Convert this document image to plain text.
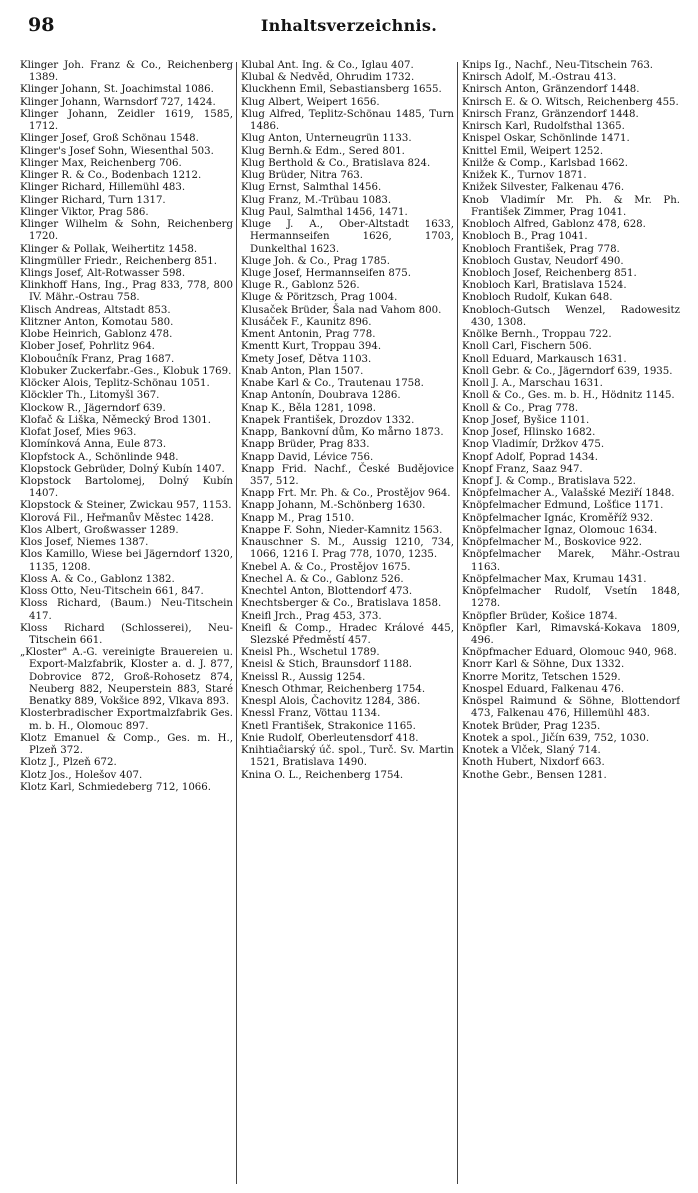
98	Inhaltsverzeichnis.

Klinger Joh. Franz & Co., Reichenberg 1389.

Klinger Johann, St. Joachimstal 1086.

Klinger Johann, Warnsdorf 727, 1424.

Klinger Johann, Zeidler 1619, 1585, 1712.

Klinger Josef, Groß Schönau 1548.

Klinger's Josef Sohn, Wiesenthal 503.

Klinger Max, Reichenberg 706.

Klinger R. & Co., Bodenbach 1212.

Klinger Richard, Hillemühl 483.

Klinger Richard, Turn 1317.

Klinger Viktor, Prag 586.

Klinger Wilhelm & Sohn, Reichenberg 1720.

Klinger & Pollak, Weihertitz 1458.

Klingmüller Friedr., Reichenberg 851.

Klings Josef, Alt-Rotwasser 598.

Klinkhoff Hans, Ing., Prag 833, 778, 800 IV. Mähr.-Ostrau 758.

Klisch Andreas, Altstadt 853.

Klitzner Anton, Komotau 580.

Klobe Heinrich, Gablonz 478.

Klober Josef, Pohrlitz 964.

Klobouĉník Franz, Prag 1687.

Klobuker Zuckerfabr.-Ges., Klobuk 1769.

Klöcker Alois, Teplitz-Schönau 1051.

Klöckler Th., Litomyšl 367.

Klockow R., Jägerndorf 639.

Klofač & Liška, Německý Brod 1301.

Klofat Josef, Mies 963.

Klomínková Anna, Eule 873.

Klopfstock A., Schönlinde 948.

Klopstock Gebrüder, Dolný Kubín 1407.

Klopstock Bartolomej, Dolný Kubín 1407.

Klopstock & Steiner, Zwickau 957, 1153.

Klorová Fil., Heřmanův Městec 1428.

Klos Albert, Großwasser 1289.

Klos Josef, Niemes 1387.

Klos Kamillo, Wiese bei Jägerndorf 1320, 1135, 1208.

Kloss A. & Co., Gablonz 1382.

Kloss Otto, Neu-Titschein 661, 847.

Kloss Richard, (Baum.) Neu-Titschein 417.

Kloss Richard (Schlosserei), Neu-Titschein 661.

„Kloster" A.-G. vereinigte Brauereien u. Export-Malzfabrik, Kloster a. d. J. 877, Dobrovice 872, Groß-Rohosetz 874, Neuberg 882, Neuperstein 883, Staré Benatky 889, Vokšice 892, Vlkava 893.

Klosterbradischer Exportmalzfabrik Ges. m. b. H., Olomouc 897.

Klotz Emanuel & Comp., Ges. m. H., Plzeň 372.

Klotz J., Plzeň 672.

Klotz Jos., Holešov 407.

Klotz Karl, Schmiedeberg 712, 1066.

Klubal Ant. Ing. & Co., Iglau 407.

Klubal & Nedvěd, Ohrudim 1732.

Kluckhenn Emil, Sebastiansberg 1655.

Klug Albert, Weipert 1656.

Klug Alfred, Teplitz-Schönau 1485, Turn 1486.

Klug Anton, Unterneugrün 1133.

Klug Bernh.& Edm., Sered 801.

Klug Berthold & Co., Bratislava 824.

Klug Brüder, Nitra 763.

Klug Ernst, Salmthal 1456.

Klug Franz, M.-Trübau 1083.

Klug Paul, Salmthal 1456, 1471.

Kluge J. A., Ober-Altstadt 1633, Hermannseifen 1626, 1703, Dunkelthal 1623.

Kluge Joh. & Co., Prag 1785.

Kluge Josef, Hermannseifen 875.

Kluge R., Gablonz 526.

Kluge & Pöritzsch, Prag 1004.

Klusaček Brüder, Šala nad Vahom 800.

Klusáček F., Kaunitz 896.

Kment Antonin, Prag 778.

Kmentt Kurt, Troppau 394.

Kmety Josef, Dětva 1103.

Knab Anton, Plan 1507.

Knabe Karl & Co., Trautenau 1758.

Knap Antonín, Doubrava 1286.

Knap K., Běla 1281, 1098.

Knapek František, Drozdov 1332.

Knapp, Bankovní dům, Ko mårno 1873.

Knapp Brüder, Prag 833.

Knapp David, Lévice 756.

Knapp Frid. Nachf., České Budějovice 357, 512.

Knapp Frt. Mr. Ph. & Co., Prostějov 964.

Knapp Johann, M.-Schönberg 1630.

Knapp M., Prag 1510.

Knappe F. Sohn, Nieder-Kamnitz 1563.

Knauschner S. M., Aussig 1210, 734, 1066, 1216 I. Prag 778, 1070, 1235.

Knebel A. & Co., Prostějov 1675.

Knechel A. & Co., Gablonz 526.

Knechtel Anton, Blottendorf 473.

Knechtsberger & Co., Bratislava 1858.

Kneifl Jrch., Prag 453, 373.

Kneifl & Comp., Hradec Králové 445, Slezské Předměstí 457.

Kneisl Ph., Wschetul 1789.

Kneisl & Stich, Braunsdorf 1188.

Kneissl R., Aussig 1254.

Knesch Othmar, Reichenberg 1754.

Knespl Alois, Čachovitz 1284, 386.

Knessl Franz, Vöttau 1134.

Knetl František, Strakonice 1165.

Knie Rudolf, Oberleutensdorf 418.

Knihtiaĉiarský úč. spol., Turč. Sv. Martin 1521, Bratislava 1490.

Knina O. L., Reichenberg 1754.

Knips Ig., Nachf., Neu-Titschein 763.

Knirsch Adolf, M.-Ostrau 413.

Knirsch Anton, Gränzendorf 1448.

Knirsch E. & O. Witsch, Reichenberg 455.

Knirsch Franz, Gränzendorf 1448.

Knirsch Karl, Rudolfsthal 1365.

Knispel Oskar, Schönlinde 1471.

Knittel Emil, Weipert 1252.

Knilže & Comp., Karlsbad 1662.

Knižek K., Turnov 1871.

Knižek Silvester, Falkenau 476.

Knob Vladimír Mr. Ph. & Mr. Ph. František Zimmer, Prag 1041.

Knobloch Alfred, Gablonz 478, 628.

Knobloch B., Prag 1041.

Knobloch František, Prag 778.

Knobloch Gustav, Neudorf 490.

Knobloch Josef, Reichenberg 851.

Knobloch Karl, Bratislava 1524.

Knobloch Rudolf, Kukan 648.

Knobloch-Gutsch Wenzel, Radowesitz 430, 1308.

Knölke Bernh., Troppau 722.

Knoll Carl, Fischern 506.

Knoll Eduard, Markausch 1631.

Knoll Gebr. & Co., Jägerndorf 639, 1935.

Knoll J. A., Marschau 1631.

Knoll & Co., Ges. m. b. H., Hödnitz 1145.

Knoll & Co., Prag 778.

Knop Josef, Byšice 1101.

Knop Josef, Hlinsko 1682.

Knop Vladimír, Držkov 475.

Knopf Adolf, Poprad 1434.

Knopf Franz, Saaz 947.

Knopf J. & Comp., Bratislava 522.

Knöpfelmacher A., Valašské Meziří 1848.

Knöpfelmacher Edmund, Lošťice 1171.

Knöpfelmacher Ignác, Kroměříž 932.

Knöpfelmacher Ignaz, Olomouc 1634.

Knöpfelmacher M., Boskovice 922.

Knöpfelmacher Marek, Mähr.-Ostrau 1163.

Knöpfelmacher Max, Krumau 1431.

Knöpfelmacher Rudolf, Vsetín 1848, 1278.

Knöpfler Brüder, Košice 1874.

Knöpfler Karl, Rimavská-Kokava 1809, 496.

Knöpfmacher Eduard, Olomouc 940, 968.

Knorr Karl & Söhne, Dux 1332.

Knorre Moritz, Tetschen 1529.

Knospel Eduard, Falkenau 476.

Knöspel Raimund & Söhne, Blottendorf 473, Falkenau 476, Hillemühl 483.

Knotek Brüder, Prag 1235.

Knotek a spol., Jičín 639, 752, 1030.

Knotek a Vlček, Slaný 714.

Knoth Hubert, Nixdorf 663.

Knothe Gebr., Bensen 1281.
